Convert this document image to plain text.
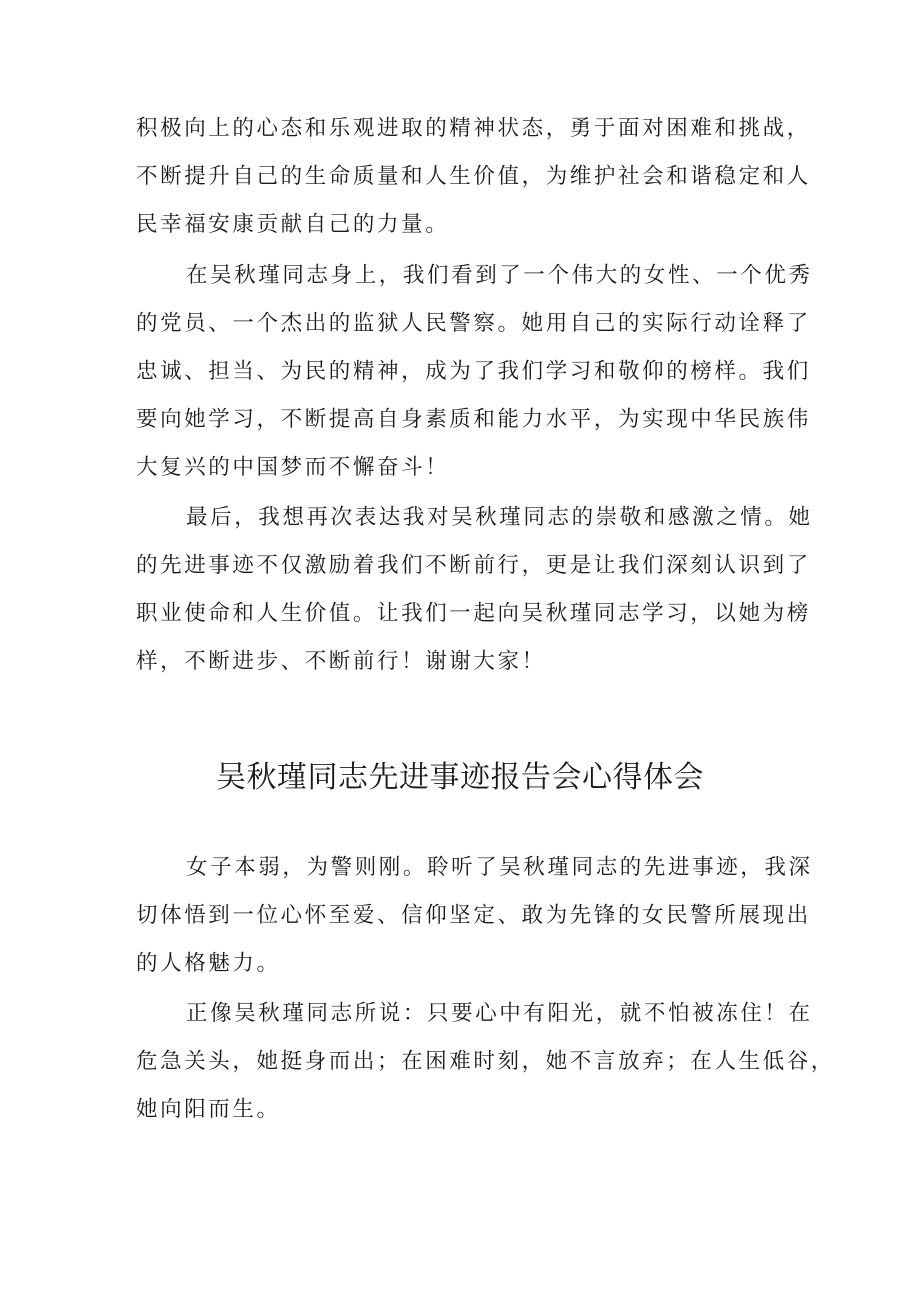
积极向上的心态和乐观进取的精神状态，勇于面对困难和挑战，
不断提升自己的生命质量和人生价值，为维护社会和谐稳定和人
民幸福安康贡献自己的力量。
在吴秋瑾同志身上，我们看到了一个伟大的女性、一个优秀
的党员、一个杰出的监狱人民警察。她用自己的实际行动诠释了
忠诚、担当、为民的精神，成为了我们学习和敬仰的榜样。我们
要向她学习，不断提高自身素质和能力水平，为实现中华民族伟
大复兴的中国梦而不懈奋斗！
最后，我想再次表达我对吴秋瑾同志的崇敬和感激之情。她
的先进事迹不仅激励着我们不断前行，更是让我们深刻认识到了
职业使命和人生价值。让我们一起向吴秋瑾同志学习，以她为榜
样，不断进步、不断前行！谢谢大家！
吴秋瑾同志先进事迹报告会心得体会
女子本弱，为警则刚。聆听了吴秋瑾同志的先进事迹，我深
切体悟到一位心怀至爱、信仰坚定、敢为先锋的女民警所展现出
的人格魅力。
正像吴秋瑾同志所说：只要心中有阳光，就不怕被冻住！在
危急关头，她挺身而出；在困难时刻，她不言放弃；在人生低谷，
她向阳而生。
